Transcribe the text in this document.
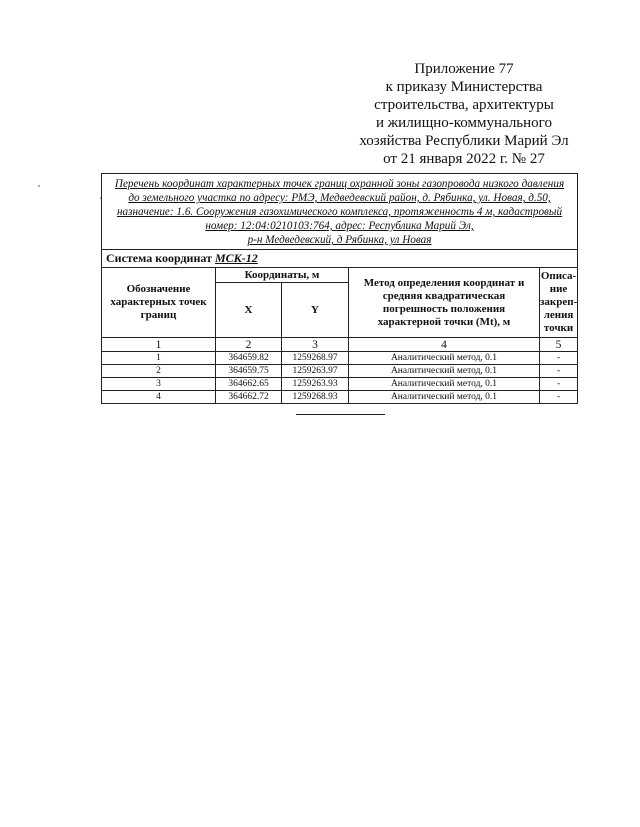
Приложение 77
к приказу Министерства
строительства, архитектуры
и жилищно-коммунального
хозяйства Республики Марий Эл
от 21 января 2022 г. № 27
Перечень координат характерных точек границ охранной зоны газопровода низкого давления
до земельного участка по адресу: РМЭ, Медведевский район, д. Рябинка, ул. Новая, д.50,
назначение: 1.6. Сооружения газохимического комплекса, протяженность 4 м, кадастровый
номер: 12:04:0210103:764, адрес: Республика Марий Эл,
р-н Медведевский, д Рябинка, ул Новая				

Система координат МСК-12				
Обозначение характерных точек границ	Координаты, м		Метод определения координат и средняя квадратическая погрешность положения характерной точки (Mt), м	Описа-ние закреп-ления точки
	X	Y		
1	2	3	4	5
1	364659.82	1259268.97	Аналитический метод, 0.1	-
2	364659.75	1259263.97	Аналитический метод, 0.1	-
3	364662.65	1259263.93	Аналитический метод, 0.1	-
4	364662.72	1259268.93	Аналитический метод, 0.1	-
